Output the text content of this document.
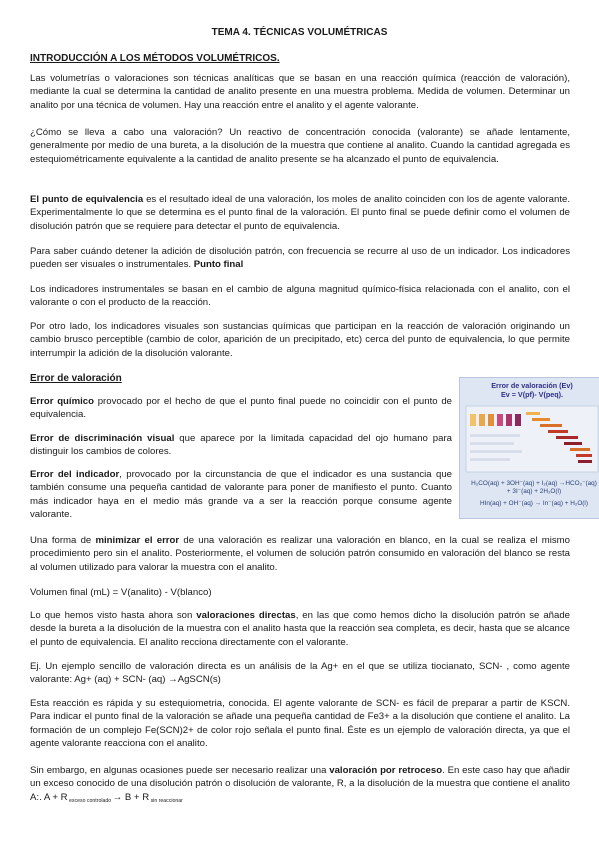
TEMA 4. TÉCNICAS VOLUMÉTRICAS

INTRODUCCIÓN A LOS MÉTODOS VOLUMÉTRICOS.

Las volumetrías o valoraciones son técnicas analíticas que se basan en una reacción química (reacción de valoración), mediante la cual se determina la cantidad de analito presente en una muestra problema. Medida de volumen. Determinar un analito por una técnica de volumen. Hay una reacción entre el analito y el agente valorante.

¿Cómo se lleva a cabo una valoración? Un reactivo de concentración conocida (valorante) se añade lentamente, generalmente por medio de una bureta, a la disolución de la muestra que contiene al analito. Cuando la cantidad agregada es estequiométricamente equivalente a la cantidad de analito presente se ha alcanzado el punto de equivalencia.

El punto de equivalencia es el resultado ideal de una valoración, los moles de analito coinciden con los de agente valorante. Experimentalmente lo que se determina es el punto final de la valoración. El punto final se puede definir como el volumen de disolución patrón que se requiere para detectar el punto de equivalencia.

Para saber cuándo detener la adición de disolución patrón, con frecuencia se recurre al uso de un indicador. Los indicadores pueden ser visuales o instrumentales. Punto final

Los indicadores instrumentales se basan en el cambio de alguna magnitud químico-física relacionada con el analito, con el valorante o con el producto de la reacción.

Por otro lado, los indicadores visuales son sustancias químicas que participan en la reacción de valoración originando un cambio brusco perceptible (cambio de color, aparición de un precipitado, etc) cerca del punto de equivalencia, lo que permite interrumpir la adición de la disolución valorante.

Error de valoración

Error químico provocado por el hecho de que el punto final puede no coincidir con el punto de equivalencia.

Error de discriminación visual que aparece por la limitada capacidad del ojo humano para distinguir los cambios de colores.

Error del indicador, provocado por la circunstancia de que el indicador es una sustancia que también consume una pequeña cantidad de valorante para poner de manifiesto el punto. Cuanto más indicador haya en el medio más grande va a ser la reacción porque consume agente valorante.

Error de valoración (Ev)
Ev = V(pf)- V(peq).
H₂CO(aq) + 3OH⁻(aq) + I₂(aq) →HCO₂⁻(aq)
+ 3I⁻(aq) + 2H₂O(l)
HIn(aq) + OH⁻(aq) → In⁻(aq) + H₂O(l)

Una forma de minimizar el error de una valoración es realizar una valoración en blanco, en la cual se realiza el mismo procedimiento pero sin el analito. Posteriormente, el volumen de solución patrón consumido en valoración del blanco se resta al volumen utilizado para valorar la muestra con el analito.

Volumen final (mL) = V(analito) - V(blanco)

Lo que hemos visto hasta ahora son valoraciones directas, en las que como hemos dicho la disolución patrón se añade desde la bureta a la disolución de la muestra con el analito hasta que la reacción sea completa, es decir, hasta que se alcance el punto de equivalencia. El analito recciona directamente con el valorante.

Ej. Un ejemplo sencillo de valoración directa es un análisis de la Ag+ en el que se utiliza tiocianato, SCN- , como agente valorante: Ag+ (aq) + SCN- (aq) →AgSCN(s)

Esta reacción es rápida y su estequiometria, conocida. El agente valorante de SCN- es fácil de preparar a partir de KSCN. Para indicar el punto final de la valoración se añade una pequeña cantidad de Fe3+ a la disolución que contiene el analito. La formación de un complejo Fe(SCN)2+ de color rojo señala el punto final. Éste es un ejemplo de valoración directa, ya que el agente valorante reacciona con el analito.

Sin embargo, en algunas ocasiones puede ser necesario realizar una valoración por retroceso. En este caso hay que añadir un exceso conocido de una disolución patrón o disolución de valorante, R, a la disolución de la muestra que contiene el analito A:. A + R $_{exceso controlado}$ → B + R $_{sin reaccionar}$
